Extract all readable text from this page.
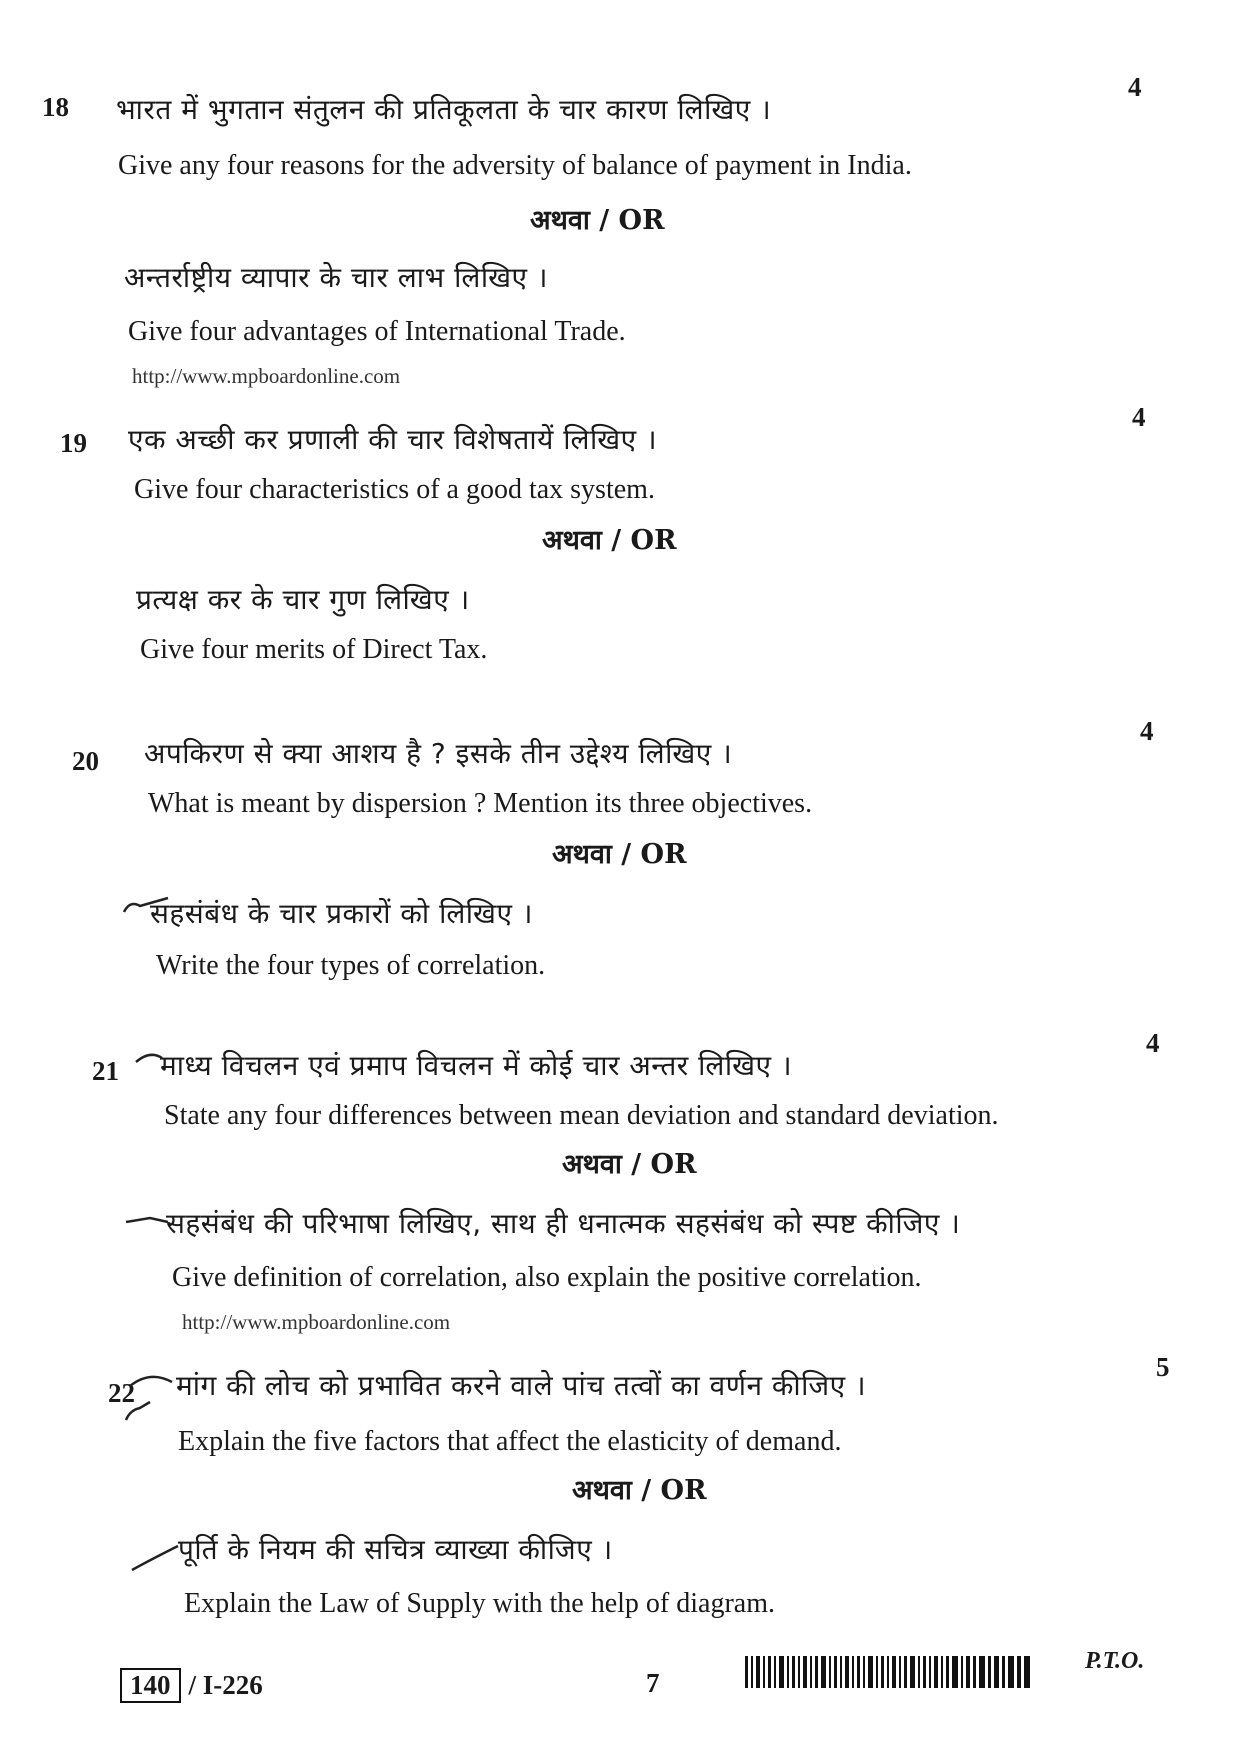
18
4
भारत में भुगतान संतुलन की प्रतिकूलता के चार कारण लिखिए ।
Give any four reasons for the adversity of balance of payment in India.
अथवा / OR
अन्तर्राष्ट्रीय व्यापार के चार लाभ लिखिए ।
Give four advantages of International Trade.
http://www.mpboardonline.com
19
4
एक अच्छी कर प्रणाली की चार विशेषतायें लिखिए ।
Give four characteristics of a good tax system.
अथवा / OR
प्रत्यक्ष कर के चार गुण लिखिए ।
Give four merits of Direct Tax.
20
4
अपकिरण से क्या आशय है ? इसके तीन उद्देश्य लिखिए ।
What is meant by dispersion ? Mention its three objectives.
अथवा / OR
सहसंबंध के चार प्रकारों को लिखिए ।
Write the four types of correlation.
21
4
माध्य विचलन एवं प्रमाप विचलन में कोई चार अन्तर लिखिए ।
State any four differences between mean deviation and standard deviation.
अथवा / OR
सहसंबंध की परिभाषा लिखिए, साथ ही धनात्मक सहसंबंध को स्पष्ट कीजिए ।
Give definition of correlation, also explain the positive correlation.
http://www.mpboardonline.com
22
5
मांग की लोच को प्रभावित करने वाले पांच तत्वों का वर्णन कीजिए ।
Explain the five factors that affect the elasticity of demand.
अथवा / OR
पूर्ति के नियम की सचित्र व्याख्या कीजिए ।
Explain the Law of Supply with the help of diagram.
140 / I-226	7
P.T.O.
